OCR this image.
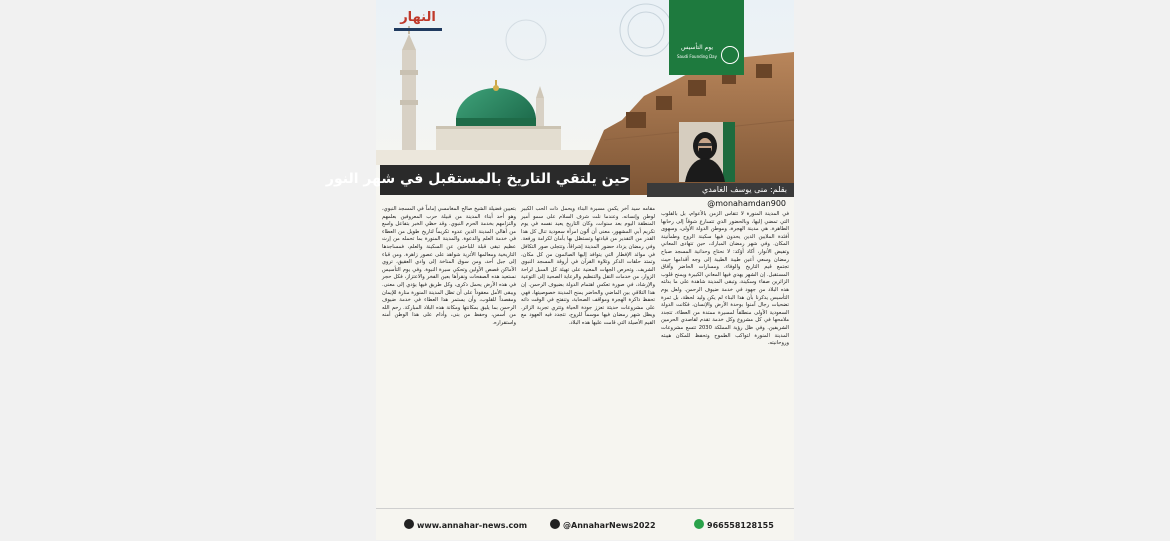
النهار
يوم التأسيس
Saudi Founding Day
حين يلتقي التاريخ بالمستقبل في شهر النور
بقلم: منى يوسف الغامدي
@monahamdan900
في المدينة المنورة لا تتقاس الزمن بالأعوام، بل بالقلوب التي تمضي إليها، وبالحضور الذي تتسارع شوقاً إلى رحابها الطاهرة. هي مدينة الهجرة، وموطن الدولة الأولى، وسهوى أفئدة الملايين الذين يحدون فيها سكينة الروح وطمأنينة المكان. وفي شهر رمضان المبارك، حين تتهادى المعاني وتفيض الأنوار، أكاد أؤكد: لا نحتاج وحدانية المسجد صباح رمضان وسعي أعين طيبة الطيبة إلى وجه أقدامها حيث تجتمع قيم التاريخ والوفاء، ومسارات الحاضر وآفاق المستقبل. إن الشهر يهدي فيها المعاني الكبيرة ويمنح قلوب الزائرين صفاء وسكينة، وتبقى المدينة شاهدة على ما بذلته هذه البلاد من جهود في خدمة ضيوف الرحمن. ولعل يوم التأسيس يذكرنا بأن هذا البناء لم يكن وليد لحظة، بل ثمرة تضحيات رجال آمنوا بوحدة الأرض والإنسان، فكانت الدولة السعودية الأولى منطلقاً لمسيرة ممتدة من العطاء، تتجدد ملامحها في كل مشروع وكل خدمة تقدم لقاصدي الحرمين الشريفين. وفي ظل رؤية المملكة 2030 تتسع مشروعات المدينة المنورة لتواكب الطموح وتحفظ للمكان هيبته وروحانيته.
مقامه سيد آخر يكمن مسيرة البناء ويحمل ذات الحب الكبير لوطن وإنسانه. وعندما نلت شرف السلام على سمو أمير المنطقة اليوم بعد سنوات، وكان التاريخ يعيد نفسه في يوم تكريم أبي المشهور، معنى أن ألون امرأة سعودية تنال كل هذا القدر من التقدير من قيادتها وتستظل بها بأمان لكرامة ورفعة. وفي رمضان يزداد حضور المدينة إشراقاً، وتتجلى صور التكافل في موائد الإفطار التي يتوافد إليها الصائمون من كل مكان، وتمتد حلقات الذكر وتلاوة القرآن في أروقة المسجد النبوي الشريف. وتحرص الجهات المعنية على تهيئة كل السبل لراحة الزوار، من خدمات النقل والتنظيم والرعاية الصحية إلى التوعية والإرشاد، في صورة تعكس اهتمام الدولة بضيوف الرحمن. إن هذا التلاقي بين الماضي والحاضر يمنح المدينة خصوصيتها، فهي تحفظ ذاكرة الهجرة ومواقف الصحابة، وتنفتح في الوقت ذاته على مشروعات حديثة تعزز جودة الحياة وتثري تجربة الزائر. ويظل شهر رمضان فيها موسماً للروح، تتجدد فيه العهود مع القيم الأصيلة التي قامت عليها هذه البلاد.
بتعيين فضيلة الشيخ صالح المغامسي إماماً في المسجد النبوي، وهو أحد أبناء المدينة من قبيلة حرب المعروفين بعلمهم والتزامهم بخدمة الحرم النبوي. وقد حظي الخبر بتفاعل واسع من أهالي المدينة الذين عدوه تكريماً لتاريخ طويل من العطاء في خدمة العلم والدعوة. والمدينة المنورة بما تحمله من إرث عظيم تبقى قبلة للباحثين عن السكينة والعلم، فمساجدها التاريخية ومعالمها الأثرية شواهد على عصور زاهرة. ومن قباء إلى جبل أحد، ومن سوق المناخة إلى وادي العقيق، تروي الأماكن قصص الأولين وتحكي سيرة النبوة. وفي يوم التأسيس نستعيد هذه الصفحات ونقرأها بعين الفخر والاعتزاز، فكل حجر في هذه الأرض يحمل ذكرى، وكل طريق فيها يؤدي إلى معنى. ويبقى الأمل معقوداً على أن تظل المدينة المنورة منارة للإيمان ومقصداً للقلوب، وأن يستمر هذا العطاء في خدمة ضيوف الرحمن بما يليق بمكانتها ومكانة هذه البلاد المباركة. رحم الله من أسس، وحفظ من بنى، وأدام على هذا الوطن أمنه واستقراره.
www.annahar-news.com	@AnnaharNews2022	966558128155
